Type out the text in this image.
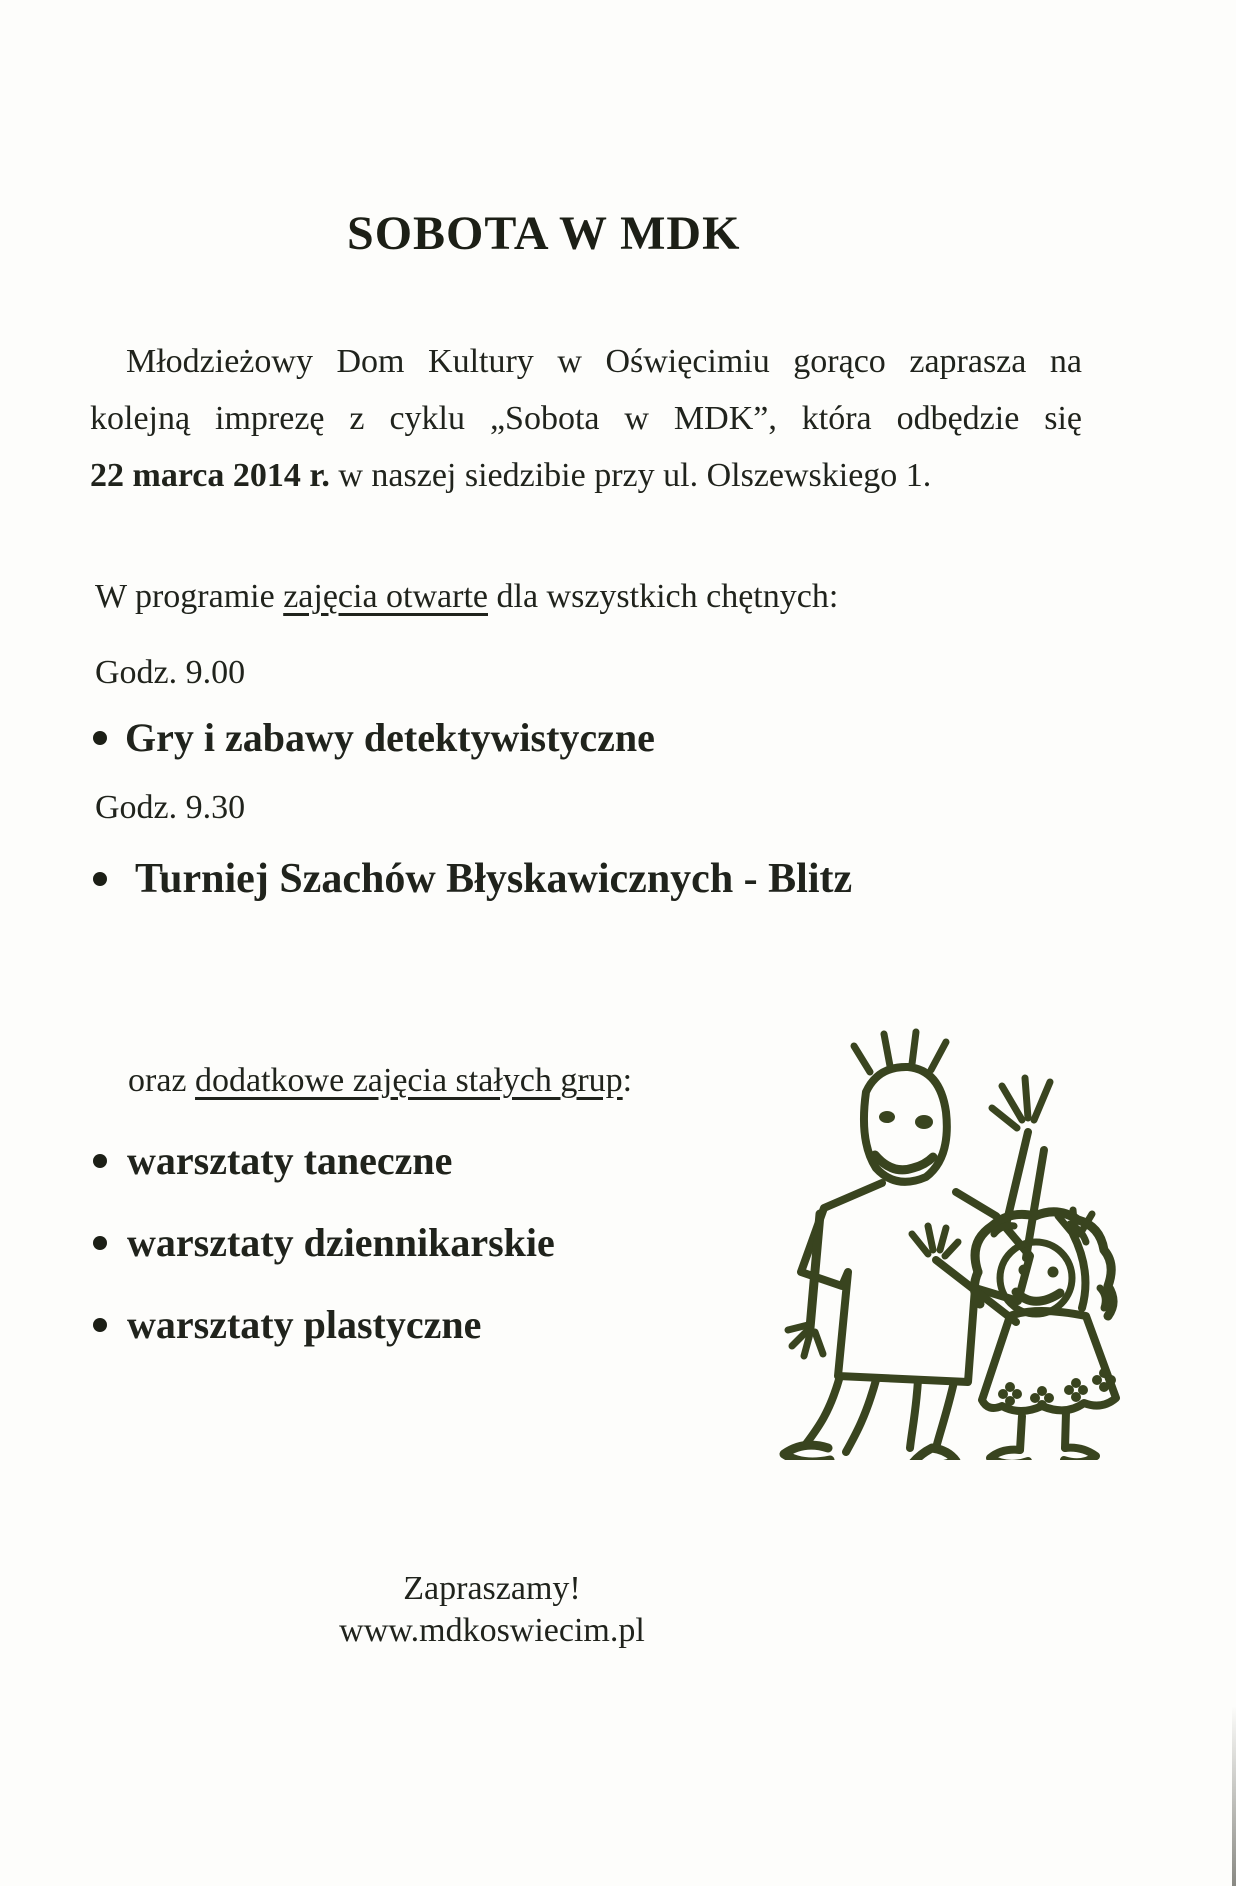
SOBOTA W MDK
Młodzieżowy Dom Kultury w Oświęcimiu gorąco zaprasza na
kolejną imprezę z cyklu „Sobota w MDK”, która odbędzie się
22 marca 2014 r. w naszej siedzibie przy ul. Olszewskiego 1.
W programie zajęcia otwarte dla wszystkich chętnych:
Godz. 9.00
Gry i zabawy detektywistyczne
Godz. 9.30
Turniej Szachów Błyskawicznych - Blitz
oraz dodatkowe zajęcia stałych grup:
warsztaty taneczne
warsztaty dziennikarskie
warsztaty plastyczne
Zapraszamy!
www.mdkoswiecim.pl
